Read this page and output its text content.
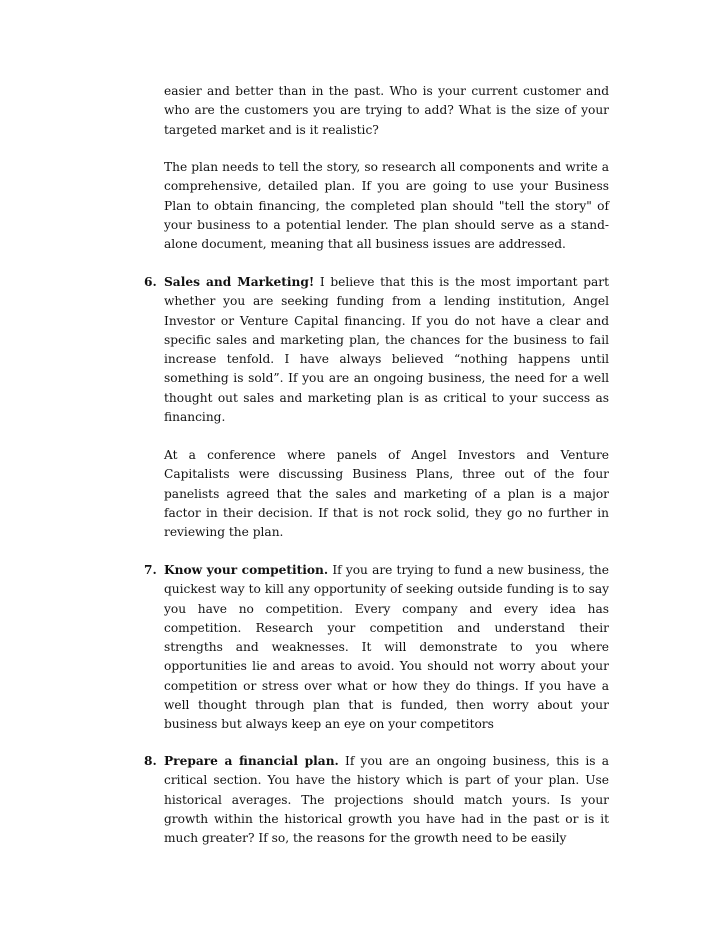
easier and better than in the past. Who is your current customer and who are the customers you are trying to add? What is the size of your targeted market and is it realistic?

The plan needs to tell the story, so research all components and write a comprehensive, detailed plan. If you are going to use your Business Plan to obtain financing, the completed plan should "tell the story" of your business to a potential lender. The plan should serve as a stand-alone document, meaning that all business issues are addressed.

6. Sales and Marketing! I believe that this is the most important part whether you are seeking funding from a lending institution, Angel Investor or Venture Capital financing. If you do not have a clear and specific sales and marketing plan, the chances for the business to fail increase tenfold. I have always believed “nothing happens until something is sold”. If you are an ongoing business, the need for a well thought out sales and marketing plan is as critical to your success as financing.

At a conference where panels of Angel Investors and Venture Capitalists were discussing Business Plans, three out of the four panelists agreed that the sales and marketing of a plan is a major factor in their decision. If that is not rock solid, they go no further in reviewing the plan.

7. Know your competition. If you are trying to fund a new business, the quickest way to kill any opportunity of seeking outside funding is to say you have no competition. Every company and every idea has competition. Research your competition and understand their strengths and weaknesses. It will demonstrate to you where opportunities lie and areas to avoid. You should not worry about your competition or stress over what or how they do things. If you have a well thought through plan that is funded, then worry about your business but always keep an eye on your competitors
8. Prepare a financial plan. If you are an ongoing business, this is a critical section. You have the history which is part of your plan. Use historical averages. The projections should match yours. Is your growth within the historical growth you have had in the past or is it much greater? If so, the reasons for the growth need to be easily
